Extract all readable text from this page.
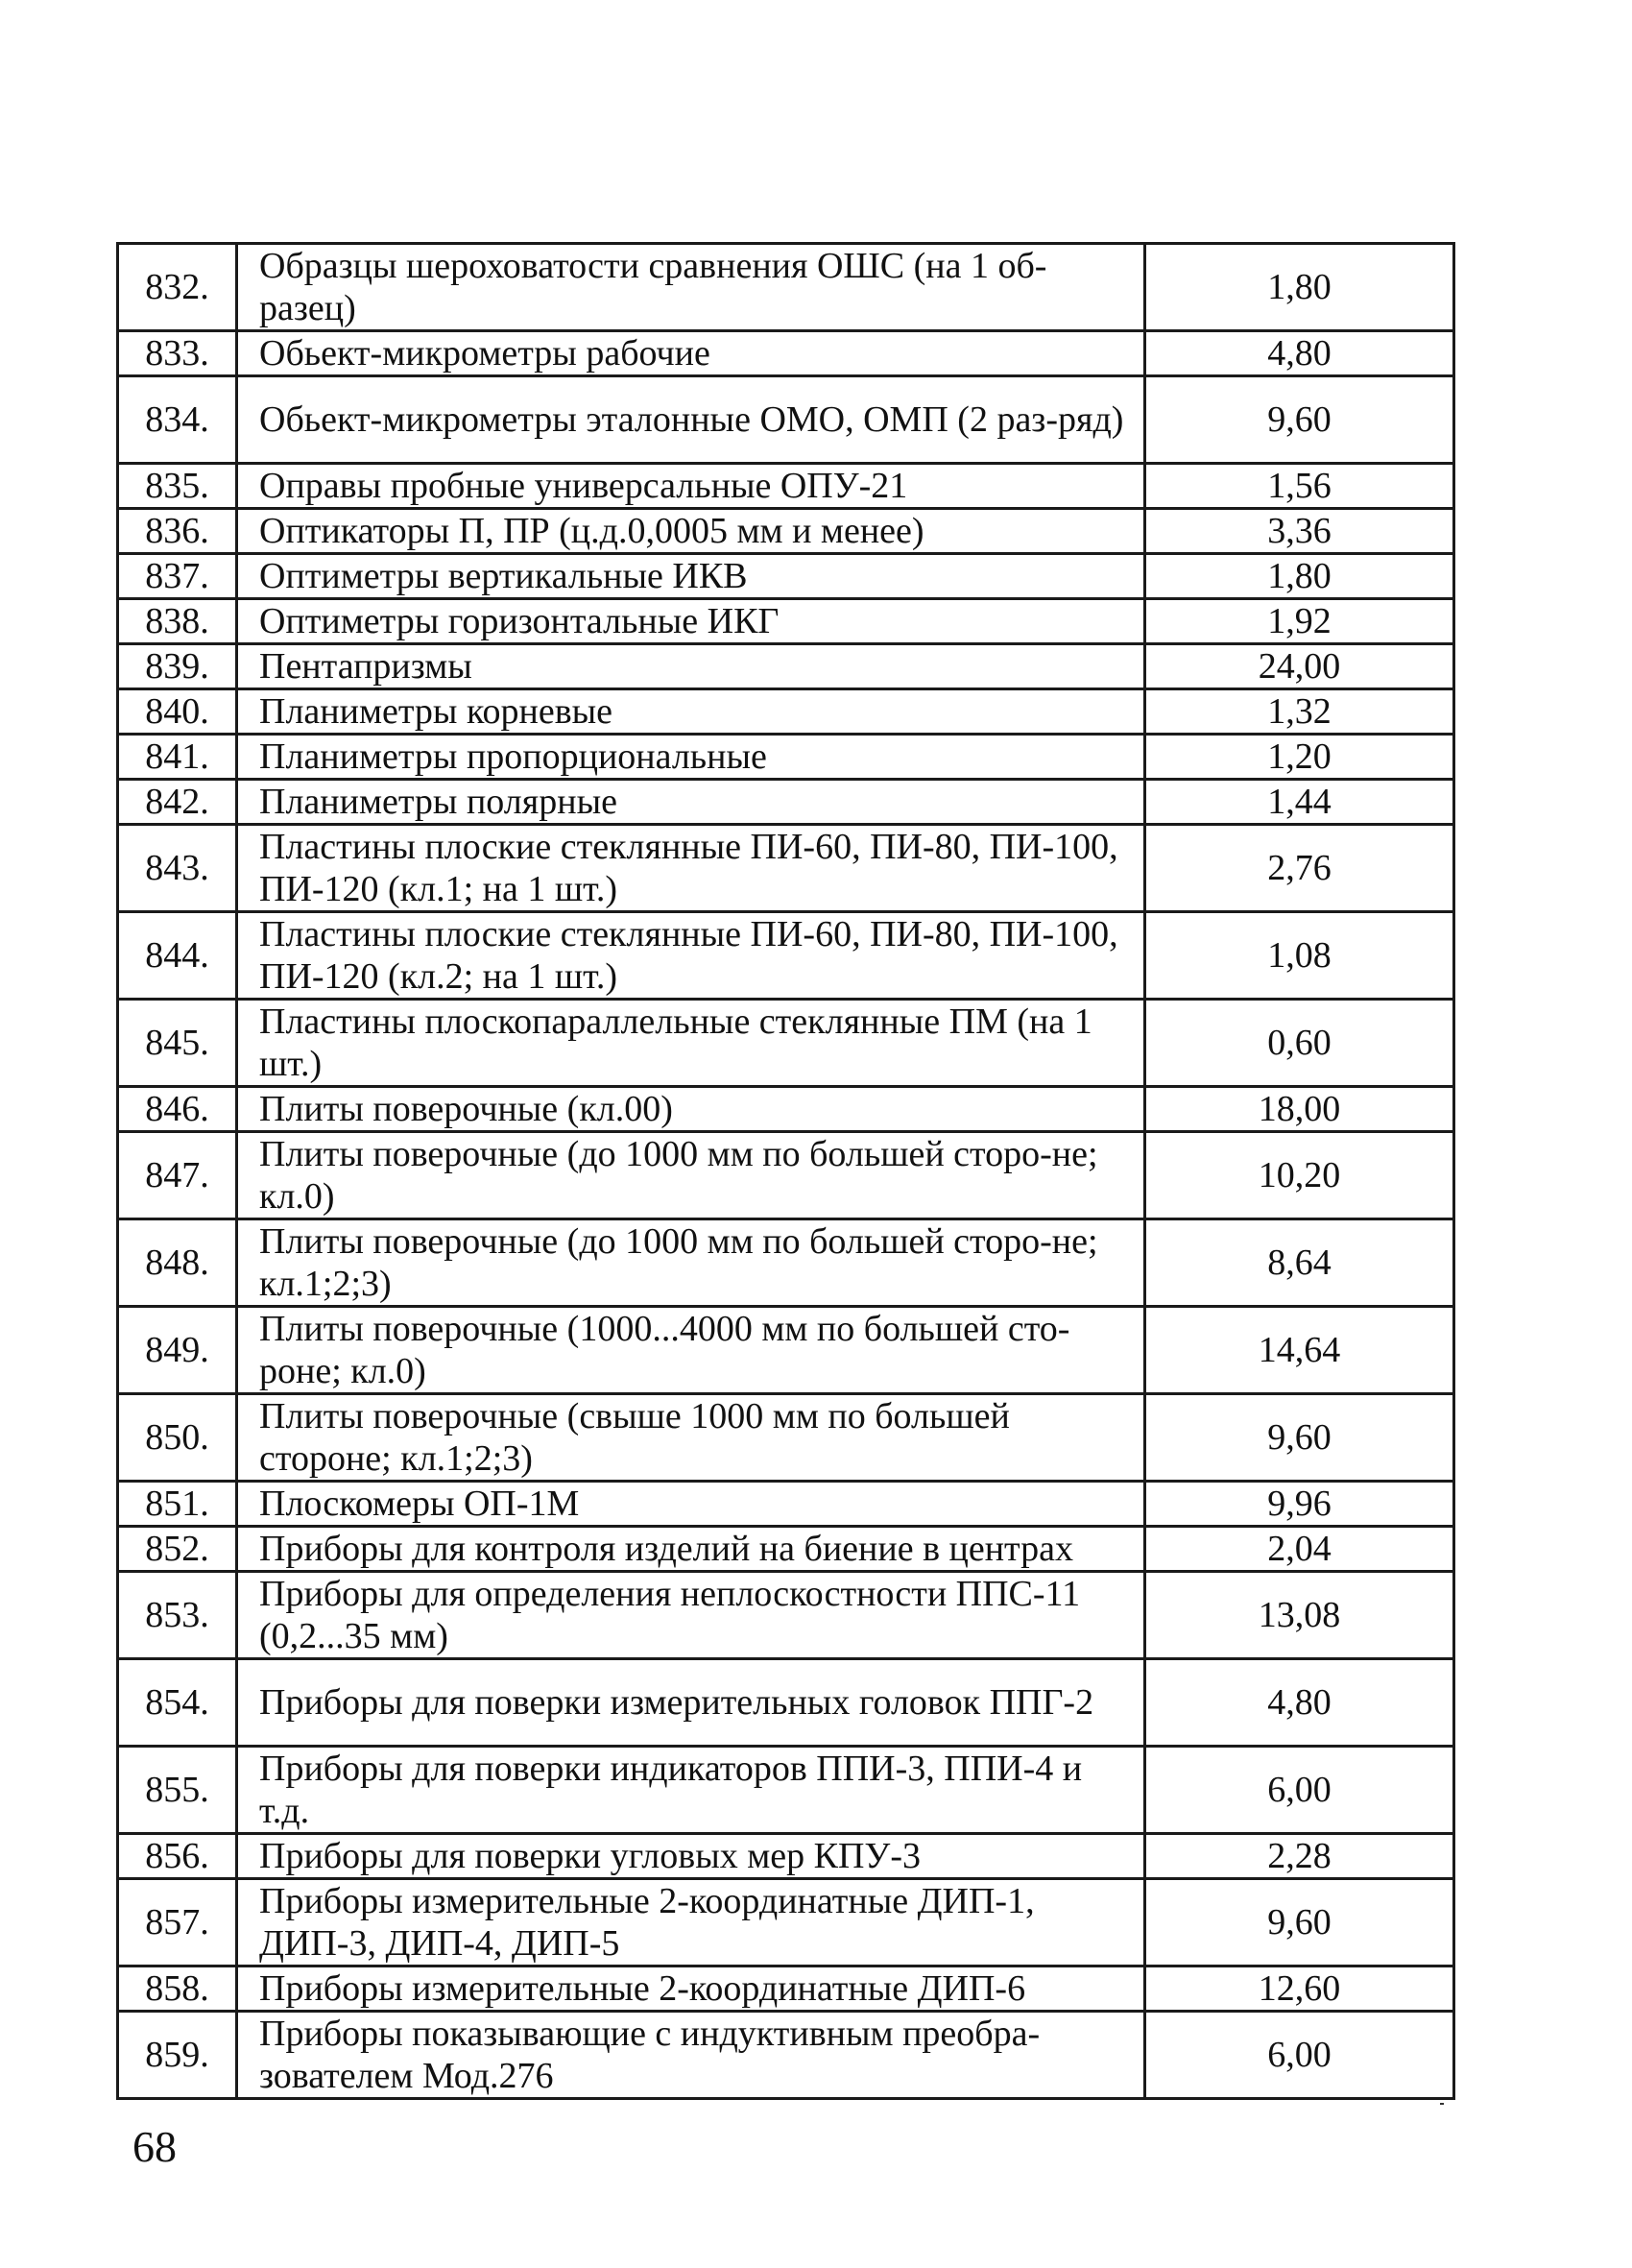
832.	Образцы шероховатости сравнения ОШС (на 1 об-разец)	1,80
833.	Обьект-микрометры рабочие	4,80
834.	Обьект-микрометры эталонные ОМО, ОМП (2 раз-ряд)	9,60
835.	Оправы пробные универсальные ОПУ-21	1,56
836.	Оптикаторы П, ПР (ц.д.0,0005 мм и менее)	3,36
837.	Оптиметры вертикальные ИКВ	1,80
838.	Оптиметры горизонтальные ИКГ	1,92
839.	Пентапризмы	24,00
840.	Планиметры корневые	1,32
841.	Планиметры пропорциональные	1,20
842.	Планиметры полярные	1,44
843.	Пластины плоские стеклянные ПИ-60, ПИ-80, ПИ-100, ПИ-120 (кл.1; на 1 шт.)	2,76
844.	Пластины плоские стеклянные ПИ-60, ПИ-80, ПИ-100, ПИ-120 (кл.2; на 1 шт.)	1,08
845.	Пластины плоскопараллельные стеклянные ПМ (на 1 шт.)	0,60
846.	Плиты поверочные (кл.00)	18,00
847.	Плиты поверочные (до 1000 мм по большей сторо-не; кл.0)	10,20
848.	Плиты поверочные (до 1000 мм по большей сторо-не; кл.1;2;3)	8,64
849.	Плиты поверочные (1000...4000 мм по большей сто-роне; кл.0)	14,64
850.	Плиты поверочные (свыше 1000 мм по большей стороне; кл.1;2;3)	9,60
851.	Плоскомеры ОП-1М	9,96
852.	Приборы для контроля изделий на биение в центрах	2,04
853.	Приборы для определения неплоскостности ППС-11 (0,2...35 мм)	13,08
854.	Приборы для поверки измерительных головок ППГ-2	4,80
855.	Приборы для поверки индикаторов ППИ-3, ППИ-4 и т.д.	6,00
856.	Приборы для поверки угловых мер КПУ-3	2,28
857.	Приборы измерительные 2-координатные ДИП-1, ДИП-3, ДИП-4, ДИП-5	9,60
858.	Приборы измерительные 2-координатные ДИП-6	12,60
859.	Приборы показывающие с индуктивным преобра-зователем Мод.276	6,00
68
